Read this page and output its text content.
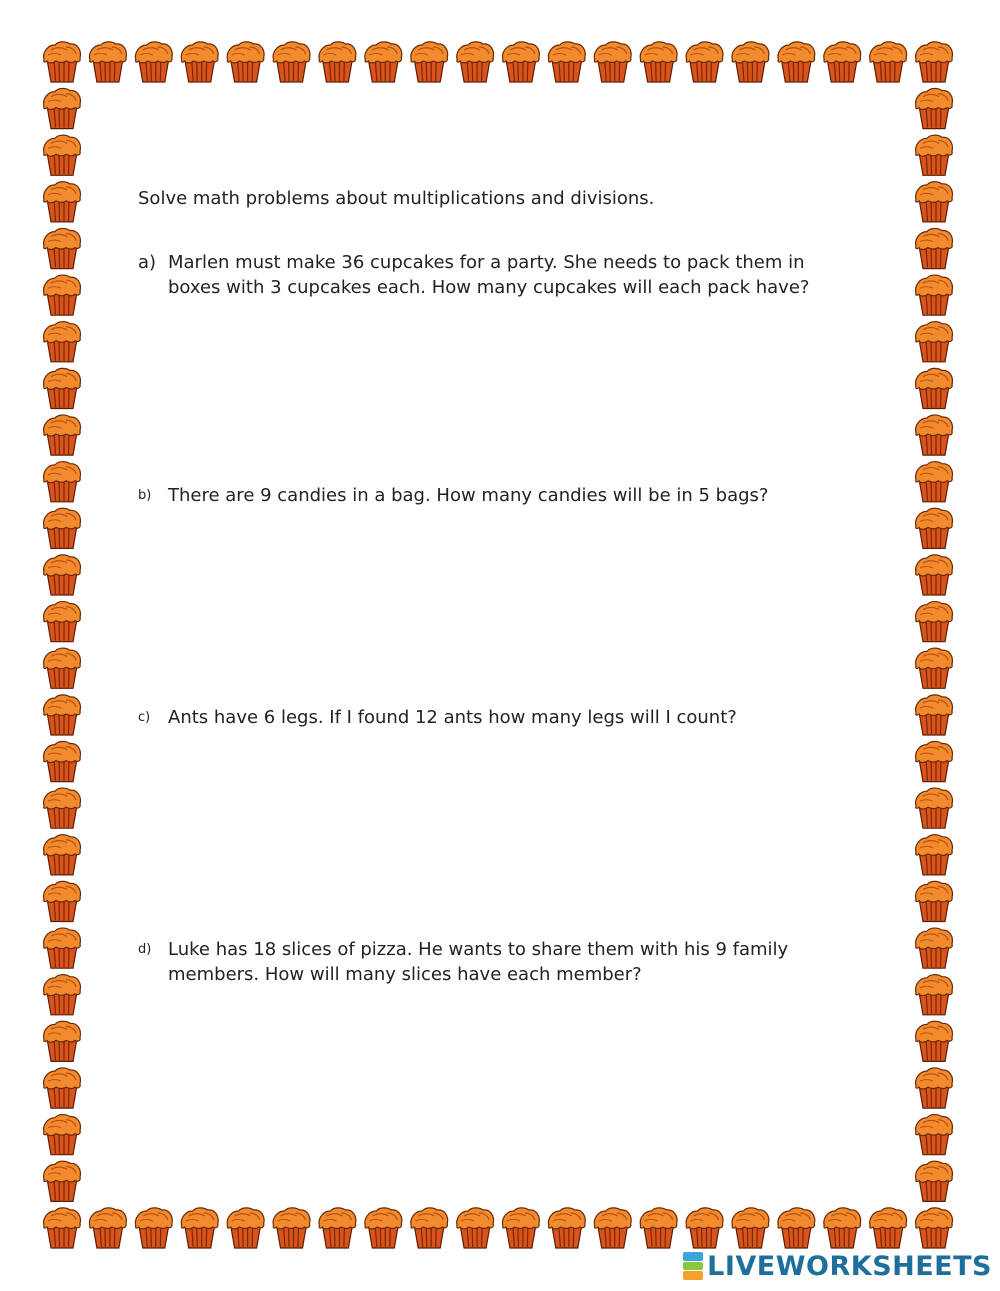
Solve math problems about multiplications and divisions.

a) Marlen must make 36 cupcakes for a party. She needs to pack them in boxes with 3 cupcakes each. How many cupcakes will each pack have?
b) There are 9 candies in a bag. How many candies will be in 5 bags?
c) Ants have 6 legs. If I found 12 ants how many legs will I count?
d) Luke has 18 slices of pizza. He wants to share them with his 9 family members. How will many slices have each member?
LIVEWORKSHEETS
